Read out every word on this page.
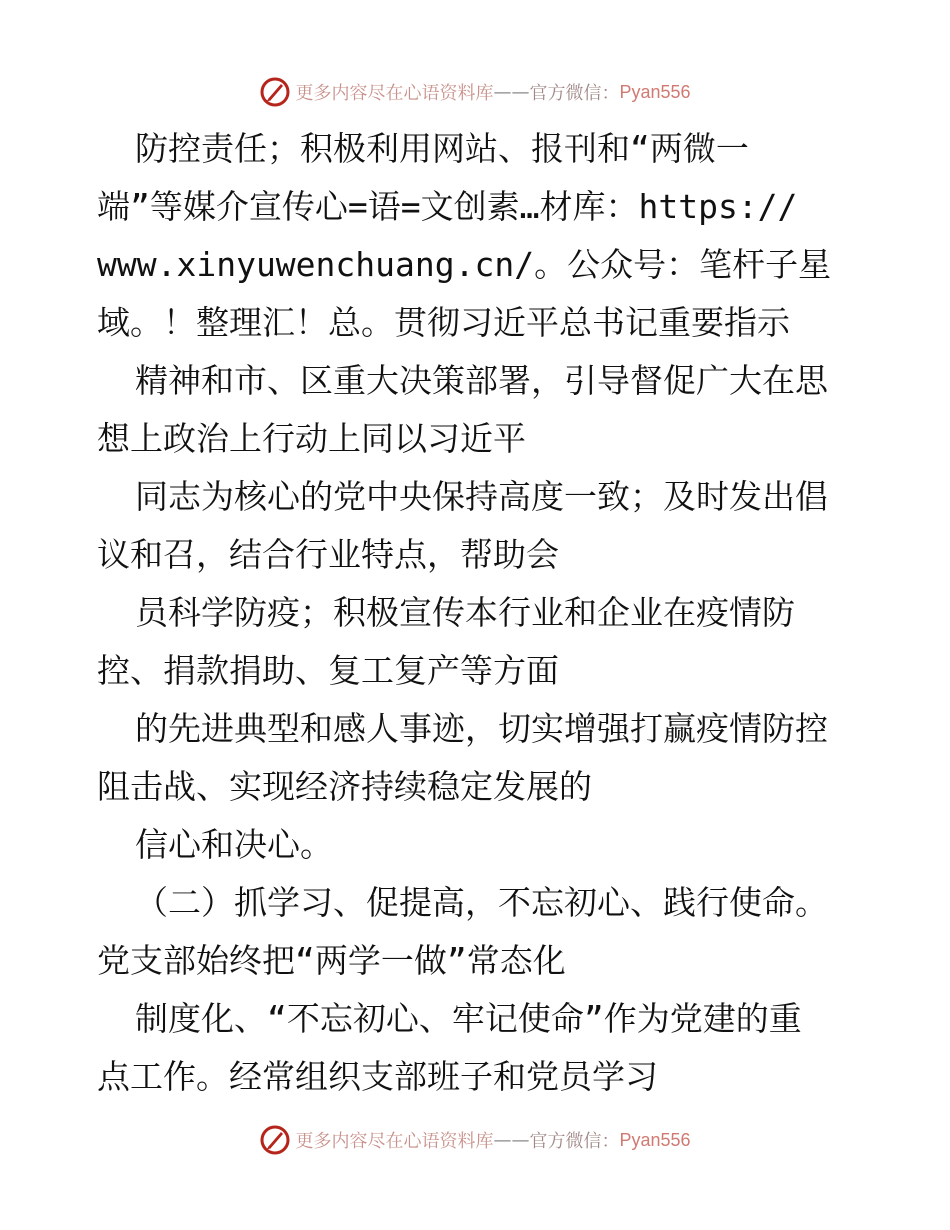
更多内容尽在心语资料库 —— 官方微信： Pyan556
防控责任；积极利用网站、报刊和“两微一
端”等媒介宣传心=语=文创素…材库：https://
www.xinyuwenchuang.cn/。公众号：笔杆子星
域。！整理汇！总。贯彻习近平总书记重要指示
精神和市、区重大决策部署，引导督促广大在思
想上政治上行动上同以习近平
同志为核心的党中央保持高度一致；及时发出倡
议和召，结合行业特点，帮助会
员科学防疫；积极宣传本行业和企业在疫情防
控、捐款捐助、复工复产等方面
的先进典型和感人事迹，切实增强打赢疫情防控
阻击战、实现经济持续稳定发展的
信心和决心。
（二）抓学习、促提高，不忘初心、践行使命。
党支部始终把“两学一做”常态化
制度化、“不忘初心、牢记使命”作为党建的重
点工作。经常组织支部班子和党员学习
更多内容尽在心语资料库 —— 官方微信： Pyan556
